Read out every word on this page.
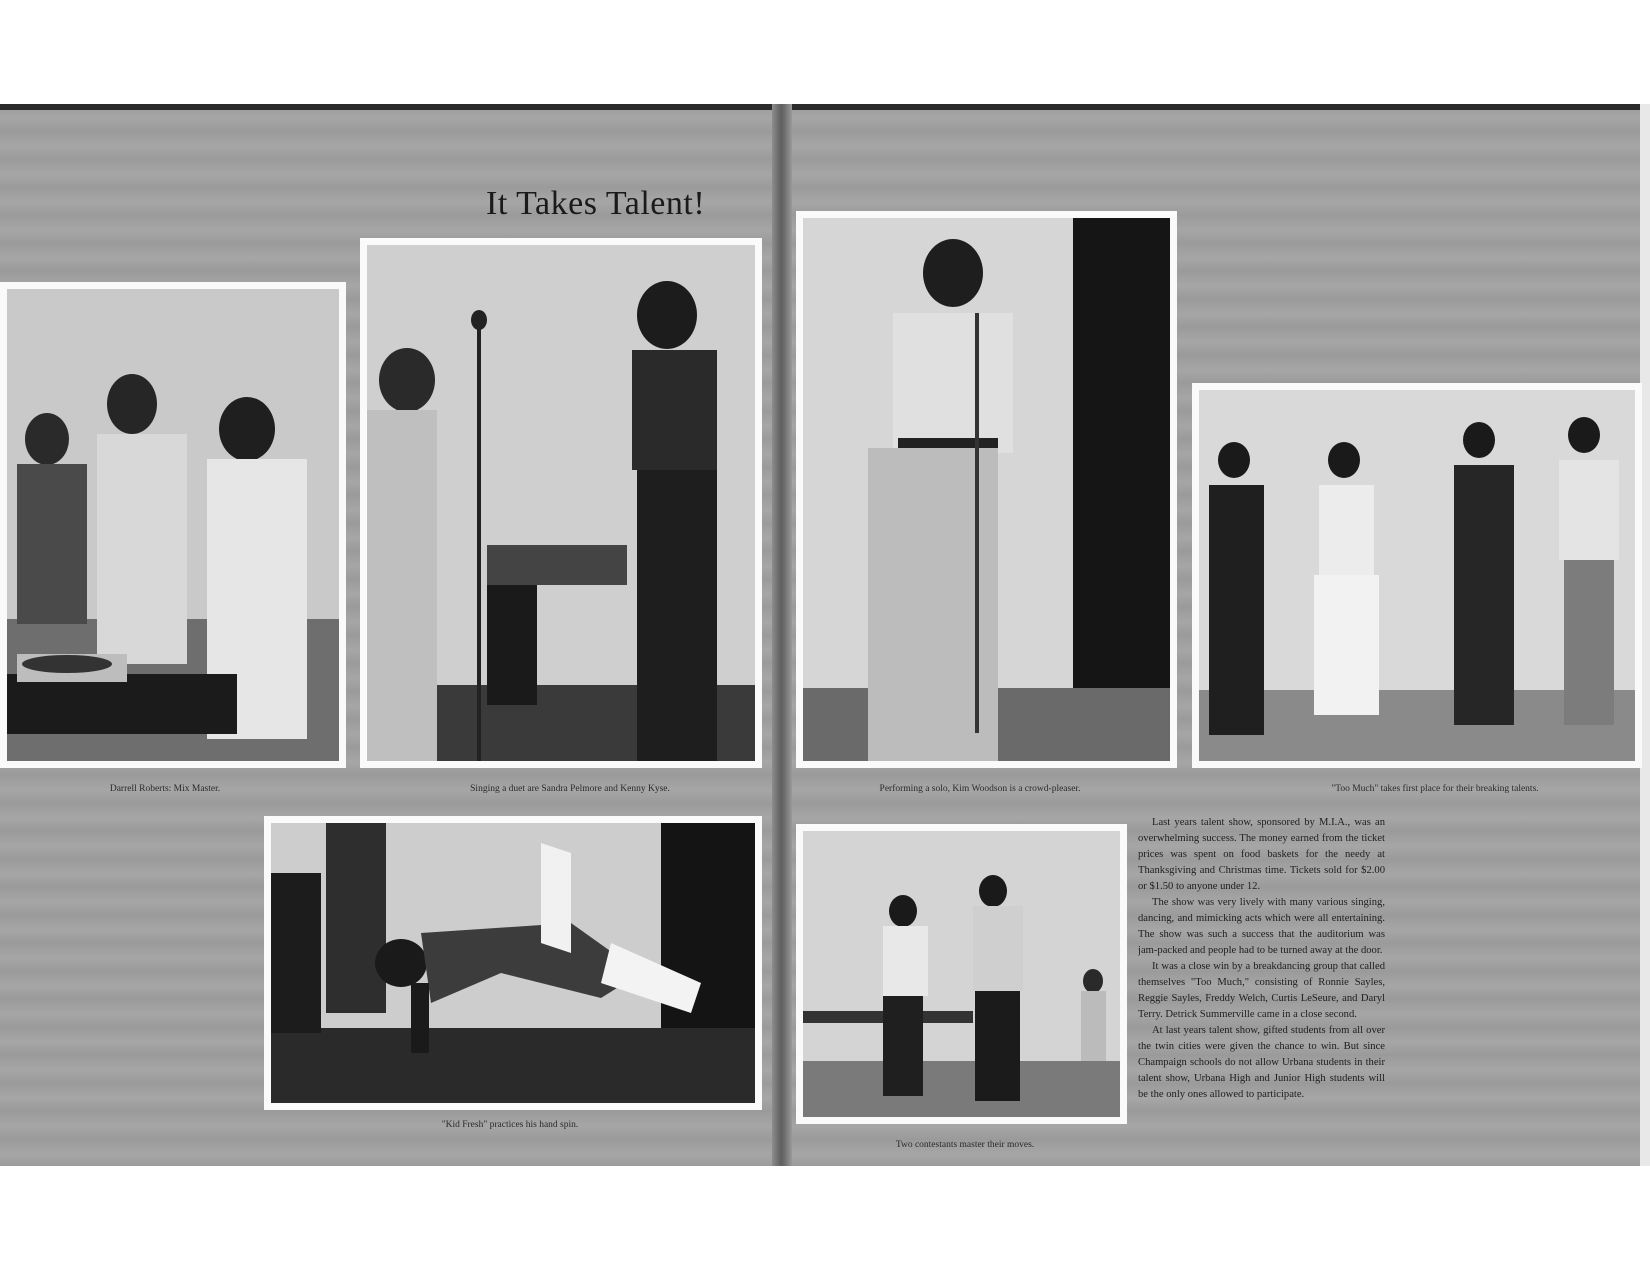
It Takes Talent!
Darrell Roberts: Mix Master.	Singing a duet are Sandra Pelmore and Kenny Kyse.	Performing a solo, Kim Woodson is a crowd-pleaser.	"Too Much" takes first place for their breaking talents.
"Kid Fresh" practices his hand spin.
Two contestants master their moves.

Last years talent show, sponsored by M.I.A., was an overwhelming success. The money earned from the ticket prices was spent on food baskets for the needy at Thanksgiving and Christmas time. Tickets sold for $2.00 or $1.50 to anyone under 12.

The show was very lively with many various singing, dancing, and mimicking acts which were all entertaining. The show was such a success that the auditorium was jam-packed and people had to be turned away at the door.

It was a close win by a breakdancing group that called themselves "Too Much," consisting of Ronnie Sayles, Reggie Sayles, Freddy Welch, Curtis LeSeure, and Daryl Terry. Detrick Summerville came in a close second.

At last years talent show, gifted students from all over the twin cities were given the chance to win. But since Champaign schools do not allow Urbana students in their talent show, Urbana High and Junior High students will be the only ones allowed to participate.
